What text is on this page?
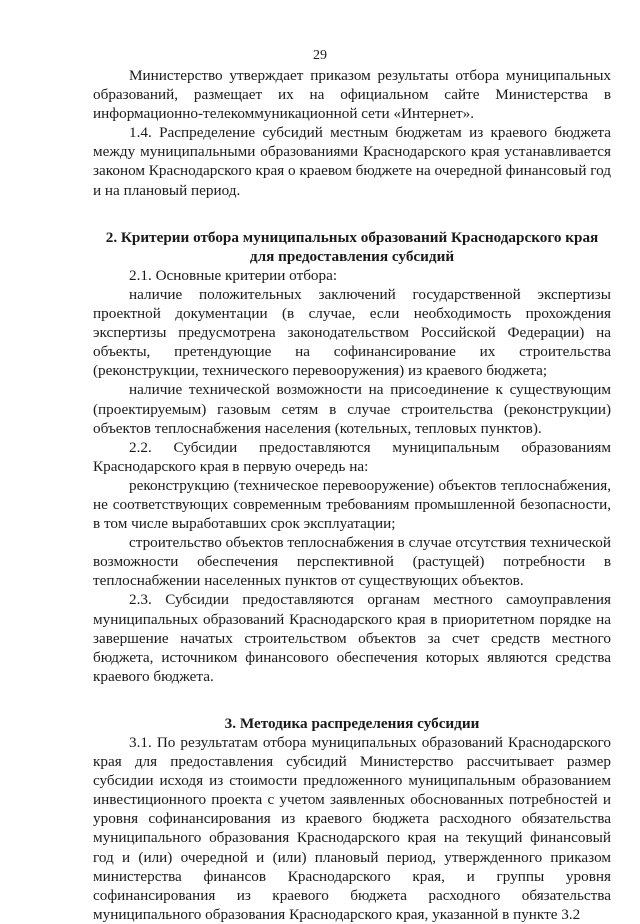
29

Министерство утверждает приказом результаты отбора муниципальных образований, размещает их на официальном сайте Министерства в информационно-телекоммуникационной сети «Интернет».

1.4. Распределение субсидий местным бюджетам из краевого бюджета между муниципальными образованиями Краснодарского края устанавливается законом Краснодарского края о краевом бюджете на очередной финансовый год и на плановый период.

2. Критерии отбора муниципальных образований Краснодарского края для предоставления субсидий

2.1. Основные критерии отбора:

наличие положительных заключений государственной экспертизы проектной документации (в случае, если необходимость прохождения экспертизы предусмотрена законодательством Российской Федерации) на объекты, претендующие на софинансирование их строительства (реконструкции, технического перевооружения) из краевого бюджета;

наличие технической возможности на присоединение к существующим (проектируемым) газовым сетям в случае строительства (реконструкции) объектов теплоснабжения населения (котельных, тепловых пунктов).

2.2. Субсидии предоставляются муниципальным образованиям Краснодарского края в первую очередь на:

реконструкцию (техническое перевооружение) объектов теплоснабжения, не соответствующих современным требованиям промышленной безопасности, в том числе выработавших срок эксплуатации;

строительство объектов теплоснабжения в случае отсутствия технической возможности обеспечения перспективной (растущей) потребности в теплоснабжении населенных пунктов от существующих объектов.

2.3. Субсидии предоставляются органам местного самоуправления муниципальных образований Краснодарского края в приоритетном порядке на завершение начатых строительством объектов за счет средств местного бюджета, источником финансового обеспечения которых являются средства краевого бюджета.

3. Методика распределения субсидии

3.1. По результатам отбора муниципальных образований Краснодарского края для предоставления субсидий Министерство рассчитывает размер субсидии исходя из стоимости предложенного муниципальным образованием инвестиционного проекта с учетом заявленных обоснованных потребностей и уровня софинансирования из краевого бюджета расходного обязательства муниципального образования Краснодарского края на текущий финансовый год и (или) очередной и (или) плановый период, утвержденного приказом министерства финансов Краснодарского края, и группы уровня софинансирования из краевого бюджета расходного обязательства муниципального образования Краснодарского края, указанной в пункте 3.2
